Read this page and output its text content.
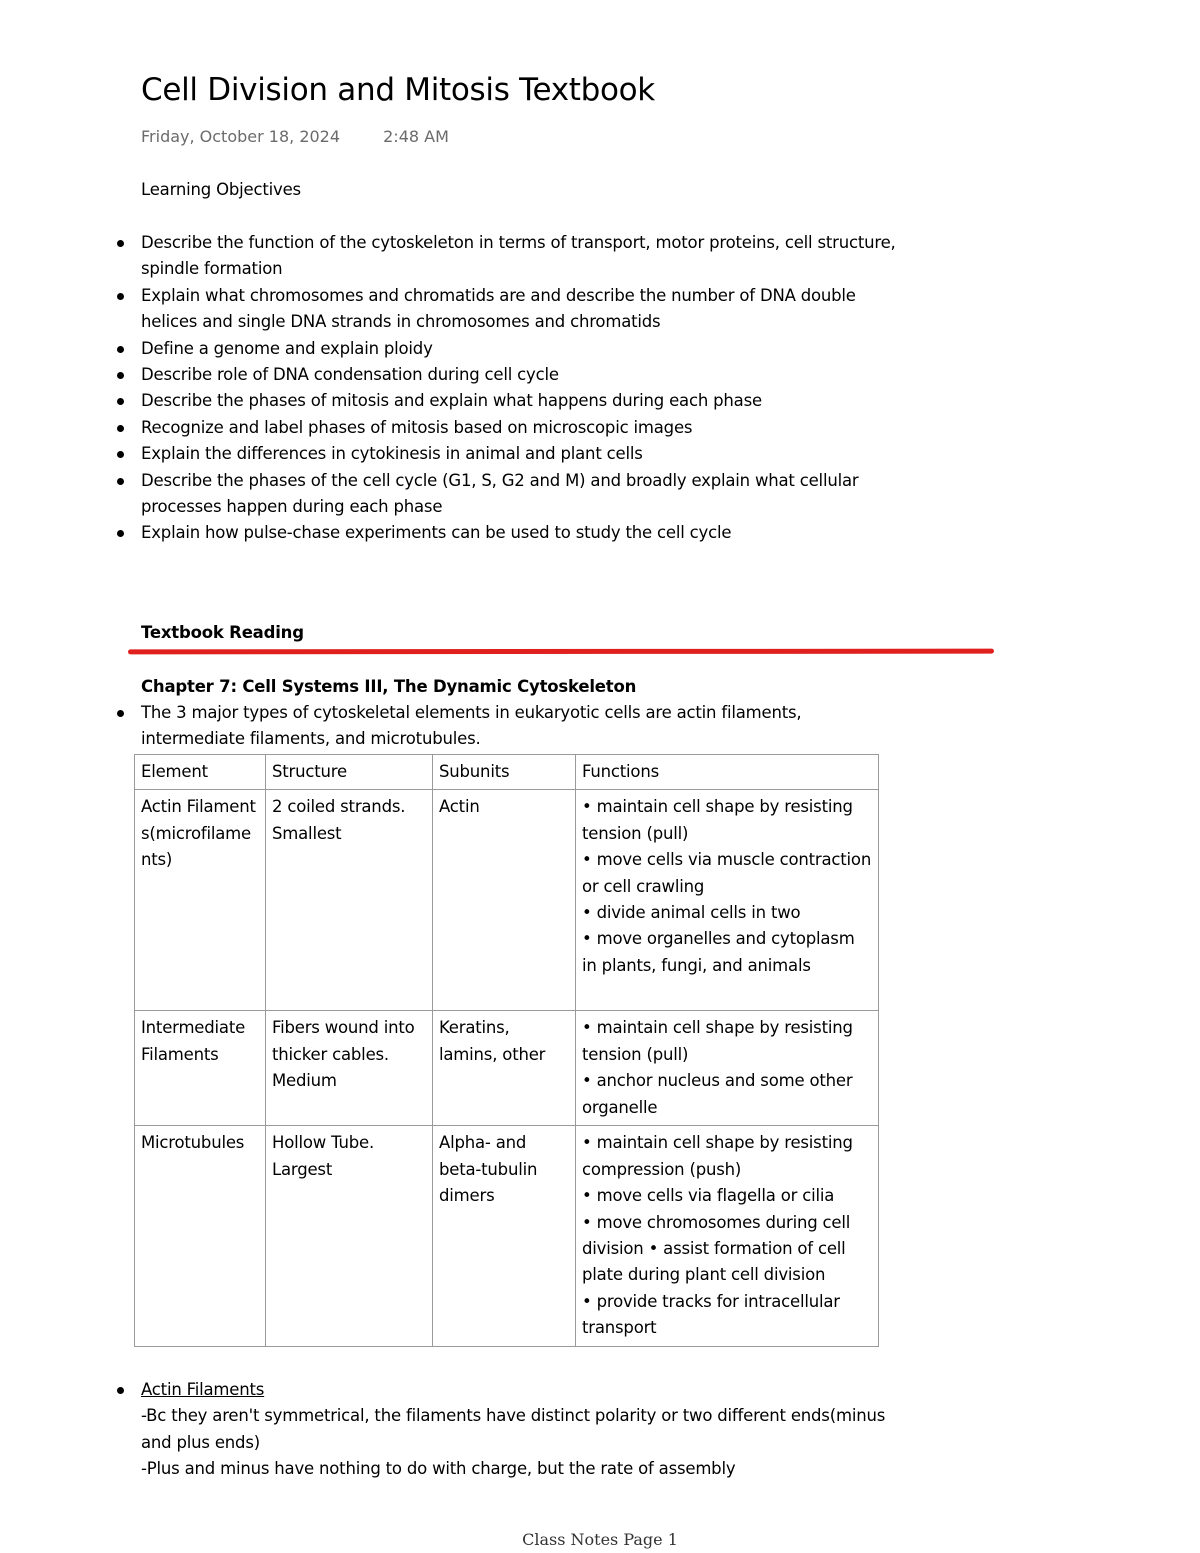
Cell Division and Mitosis Textbook
Friday, October 18, 2024	2:48 AM
Learning Objectives
Describe the function of the cytoskeleton in terms of transport, motor proteins, cell structure, spindle formation
Explain what chromosomes and chromatids are and describe the number of DNA double helices and single DNA strands in chromosomes and chromatids
Define a genome and explain ploidy
Describe role of DNA condensation during cell cycle
Describe the phases of mitosis and explain what happens during each phase
Recognize and label phases of mitosis based on microscopic images
Explain the differences in cytokinesis in animal and plant cells
Describe the phases of the cell cycle (G1, S, G2 and M) and broadly explain what cellular processes happen during each phase
Explain how pulse-chase experiments can be used to study the cell cycle
Textbook Reading
Chapter 7: Cell Systems III, The Dynamic Cytoskeleton
The 3 major types of cytoskeletal elements in eukaryotic cells are actin filaments, intermediate filaments, and microtubules.
Element	Structure	Subunits	Functions
Actin Filaments(microfilaments)	2 coiled strands. Smallest	Actin	• maintain cell shape by resisting tension (pull)
• move cells via muscle contraction or cell crawling
• divide animal cells in two
• move organelles and cytoplasm in plants, fungi, and animals

Intermediate Filaments	Fibers wound into thicker cables. Medium	Keratins, lamins, other	• maintain cell shape by resisting tension (pull)
• anchor nucleus and some other organelle

Microtubules	Hollow Tube. Largest	Alpha- and beta-tubulin dimers	• maintain cell shape by resisting compression (push)
• move cells via flagella or cilia
• move chromosomes during cell division • assist formation of cell plate during plant cell division
• provide tracks for intracellular transport
Actin Filaments
-Bc they aren't symmetrical, the filaments have distinct polarity or two different ends(minus and plus ends)
-Plus and minus have nothing to do with charge, but the rate of assembly
Class Notes Page 1
